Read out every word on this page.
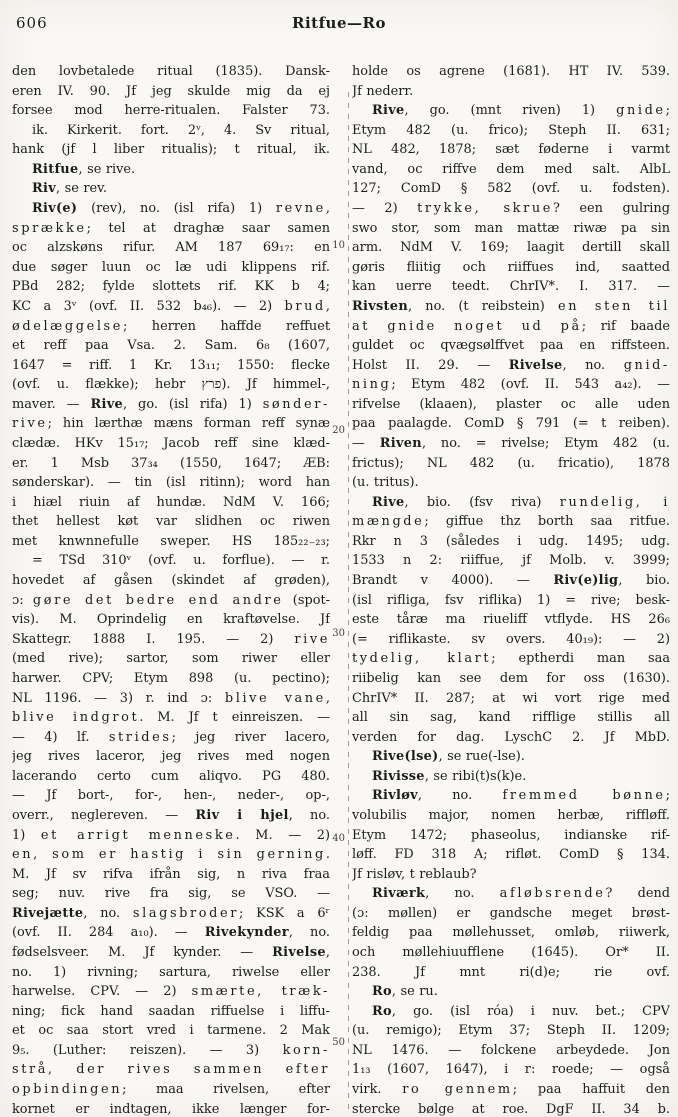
606	Ritfue—Ro
den lovbetalede ritual (1835). Dansk-
eren IV. 90. Jf jeg skulde mig da ej
forsee mod herre-ritualen. Falster 73.
ik. Kirkerit. fort. 2ᵛ, 4. Sv ritual,
hank (jf l liber ritualis); t ritual, ik.
Ritfue, se rive.
Riv, se rev.
Riv(e) (rev), no. (isl rifa) 1) revne,
sprække; tel at draghæ saar samen
oc alzskøns rifur. AM 187 69₁₇: en
due søger luun oc læ udi klippens rif.
PBd 282; fylde slottets rif. KK b 4;
KC a 3ᵛ (ovf. II. 532 b₄₆). — 2) brud,
ødelæggelse; herren haffde reffuet
et reff paa Vsa. 2. Sam. 6₈ (1607,
1647 = riff. 1 Kr. 13₁₁; 1550: flecke
(ovf. u. flække); hebr פרץ). Jf himmel-,
maver. — Rive, go. (isl rifa) 1) sønder-
rive; hin lærthæ mæns forman reff synæ
clædæ. HKv 15₁₇; Jacob reff sine klæd-
er. 1 Msb 37₃₄ (1550, 1647; ÆB:
sønderskar). — tin (isl ritinn); word han
i hiæl riuin af hundæ. NdM V. 166;
thet hellest køt var slidhen oc riwen
met knwnnefulle sweper. HS 185₂₂₋₂₃;
= TSd 310ᵛ (ovf. u. forflue). — r.
hovedet af gåsen (skindet af grøden),
ɔ: gøre det bedre end andre (spot-
vis). M. Oprindelig en kraftøvelse. Jf
Skattegr. 1888 I. 195. — 2) rive
(med rive); sartor, som riwer eller
harwer. CPV; Etym 898 (u. pectino);
NL 1196. — 3) r. ind ɔ: blive vane,
blive indgrot. M. Jf t einreiszen. —
— 4) lf. strides; jeg river lacero,
jeg rives laceror, jeg rives med nogen
lacerando certo cum aliqvo. PG 480.
— Jf bort-, for-, hen-, neder-, op-,
overr., neglereven. — Riv i hjel, no.
1) et arrigt menneske. M. — 2)
en, som er hastig i sin gerning.
M. Jf sv rifva ifrån sig, n riva fraa
seg; nuv. rive fra sig, se VSO. —
Rivejætte, no. slagsbroder; KSK a 6ʳ
(ovf. II. 284 a₁₀). — Rivekynder, no.
fødselsveer. M. Jf kynder. — Rivelse,
no. 1) rivning; sartura, riwelse eller
harwelse. CPV. — 2) smærte, træk-
ning; fick hand saadan riffuelse i liffu-
et oc saa stort vred i tarmene. 2 Mak
9₅. (Luther: reiszen). — 3) korn-
strå, der rives sammen efter
opbindingen; maa rivelsen, efter
kornet er indtagen, ikke længer for-
10
20
30
40
50
holde os agrene (1681). HT IV. 539.
Jf nederr.
Rive, go. (mnt riven) 1) gnide;
Etym 482 (u. frico); Steph II. 631;
NL 482, 1878; sæt føderne i varmt
vand, oc riffve dem med salt. AlbL
127; ComD § 582 (ovf. u. fodsten).
— 2) trykke, skrue? een gulring
swo stor, som man mattæ riwæ pa sin
arm. NdM V. 169; laagit dertill skall
gøris fliitig och riiffues ind, saatted
kan uerre teedt. ChrIV*. I. 317. —
Rivsten, no. (t reibstein) en sten til
at gnide noget ud på; rif baade
guldet oc qvægsølffvet paa en riffsteen.
Holst II. 29. — Rivelse, no. gnid-
ning; Etym 482 (ovf. II. 543 a₄₂). —
rifvelse (klaaen), plaster oc alle uden
paa paalagde. ComD § 791 (= t reiben).
— Riven, no. = rivelse; Etym 482 (u.
frictus); NL 482 (u. fricatio), 1878
(u. tritus).
Rive, bio. (fsv riva) rundelig, i
mængde; giffue thz borth saa ritfue.
Rkr n 3 (således i udg. 1495; udg.
1533 n 2: riiffue, jf Molb. v. 3999;
Brandt v 4000). — Riv(e)lig, bio.
(isl rifliga, fsv riflika) 1) = rive; besk-
este tåræ ma riueliff vtflyde. HS 26₆
(= riflikaste. sv overs. 40₁₉): — 2)
tydelig, klart; eptherdi man saa
riibelig kan see dem for oss (1630).
ChrIV* II. 287; at wi vort rige med
all sin sag, kand rifflige stillis all
verden for dag. LyschC 2. Jf MbD.
Rive(lse), se rue(-lse).
Rivisse, se ribi(t)s(k)e.
Rivløv, no. fremmed bønne;
volubilis major, nomen herbæ, riffløff.
Etym 1472; phaseolus, indianske rif-
løff. FD 318 A; rifløt. ComD § 134.
Jf risløv, t reblaub?
Riværk, no. afløbsrende? dend
(ɔ: møllen) er gandsche meget brøst-
feldig paa møllehusset, omløb, riiwerk,
och møllehiuufflene (1645). Or* II.
238. Jf mnt ri(d)e; rie ovf.
Ro, se ru.
Ro, go. (isl róa) i nuv. bet.; CPV
(u. remigo); Etym 37; Steph II. 1209;
NL 1476. — folckene arbeydede. Jon
1₁₃ (1607, 1647), i r: roede; — også
virk. ro gennem; paa haffuit den
stercke bølge at roe. DgF II. 34 b.
